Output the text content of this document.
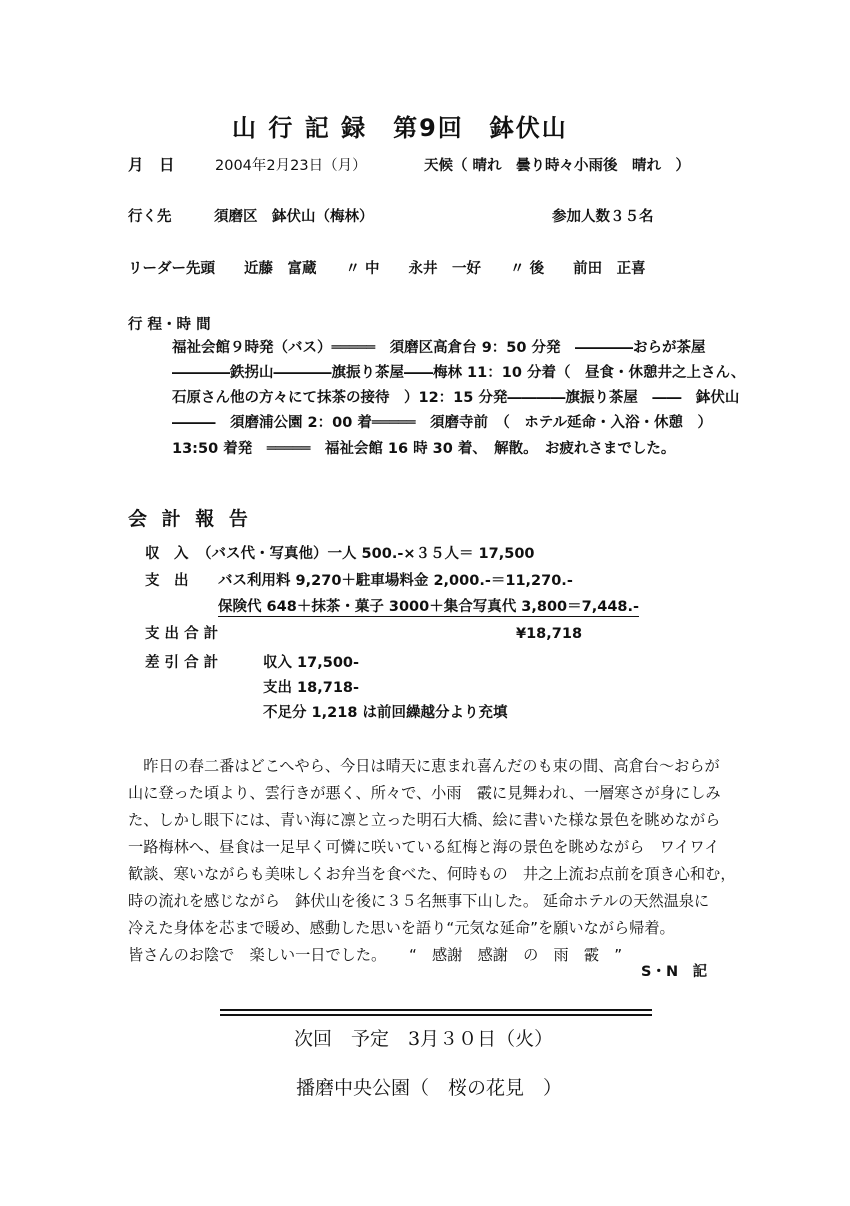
山 行 記 録　第9回　鉢伏山
月　日	2004年2月23日（月）	天候（ 晴れ　曇り時々小雨後　晴れ　）
行く先	須磨区　鉢伏山（梅林）	参加人数３５名
リーダー先頭　　近藤　富蔵　　〃 中　　永井　一好　　〃 後　　前田　正喜
行 程・時 間
福祉会館９時発（バス）═════　須磨区高倉台 9：50 分発　――――おらが茶屋
――――鉄拐山――――旗振り茶屋――梅林 11：10 分着（　昼食・休憩井之上さん、
石原さん他の方々にて抹茶の接待　）12：15 分発――――旗振り茶屋　――　鉢伏山
―――　須磨浦公園 2：00 着═════　須磨寺前　（　ホテル延命・入浴・休憩　）
13:50 着発　═════　福祉会館 16 時 30 着、　解散。　お疲れさまでした。
会 計 報 告
収　入 （バス代・写真他）一人 500.-×３５人＝ 17,500
支　出 バス利用料 9,270＋駐車場料金 2,000.-＝11,270.-
保険代 648＋抹茶・菓子 3000＋集合写真代 3,800＝7,448.-
支 出 合 計	¥18,718
差 引 合 計	収入 17,500-
支出 18,718-
不足分 1,218 は前回繰越分より充填
　昨日の春二番はどこへやら、今日は晴天に恵まれ喜んだのも束の間、高倉台～おらが
山に登った頃より、雲行きが悪く、所々で、小雨　霰に見舞われ、一層寒さが身にしみ
た、しかし眼下には、青い海に凛と立った明石大橋、絵に書いた様な景色を眺めながら
一路梅林へ、昼食は一足早く可憐に咲いている紅梅と海の景色を眺めながら　ワイワイ
歓談、寒いながらも美味しくお弁当を食べた、何時もの　井之上流お点前を頂き心和む，
時の流れを感じながら　鉢伏山を後に３５名無事下山した。 延命ホテルの天然温泉に
冷えた身体を芯まで暖め、感動した思いを語り“元気な延命”を願いながら帰着。
皆さんのお陰で　楽しい一日でした。　　“　感謝　感謝　の　雨　霰　”
S・N　記
次回　予定　3月３０日（火）
播磨中央公園（　桜の花見　）
